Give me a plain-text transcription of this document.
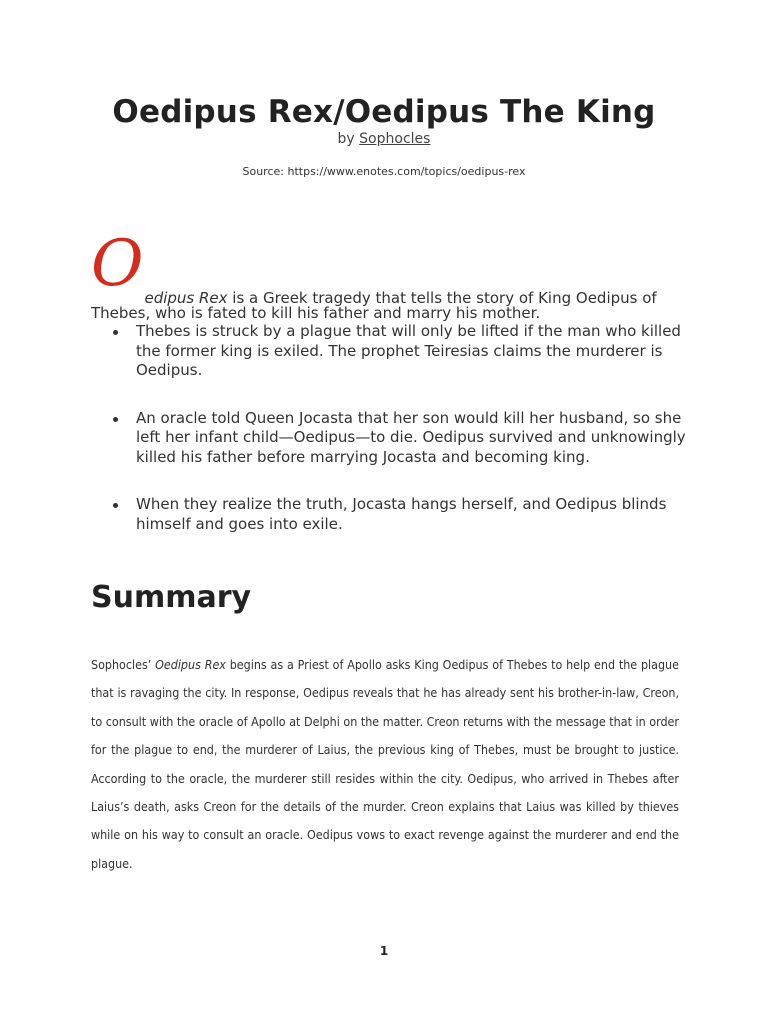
Oedipus Rex/Oedipus The King
by Sophocles
Source: https://www.enotes.com/topics/oedipus-rex
Oedipus Rex is a Greek tragedy that tells the story of King Oedipus of
Thebes, who is fated to kill his father and marry his mother.
Thebes is struck by a plague that will only be lifted if the man who killed the former king is exiled. The prophet Teiresias claims the murderer is Oedipus.
An oracle told Queen Jocasta that her son would kill her husband, so she left her infant child—Oedipus—to die. Oedipus survived and unknowingly killed his father before marrying Jocasta and becoming king.
When they realize the truth, Jocasta hangs herself, and Oedipus blinds himself and goes into exile.
Summary

Sophocles’ Oedipus Rex begins as a Priest of Apollo asks King Oedipus of Thebes to help end the plague that is ravaging the city. In response, Oedipus reveals that he has already sent his brother-in-law, Creon, to consult with the oracle of Apollo at Delphi on the matter. Creon returns with the message that in order for the plague to end, the murderer of Laius, the previous king of Thebes, must be brought to justice. According to the oracle, the murderer still resides within the city. Oedipus, who arrived in Thebes after Laius’s death, asks Creon for the details of the murder. Creon explains that Laius was killed by thieves while on his way to consult an oracle. Oedipus vows to exact revenge against the murderer and end the plague.

1
